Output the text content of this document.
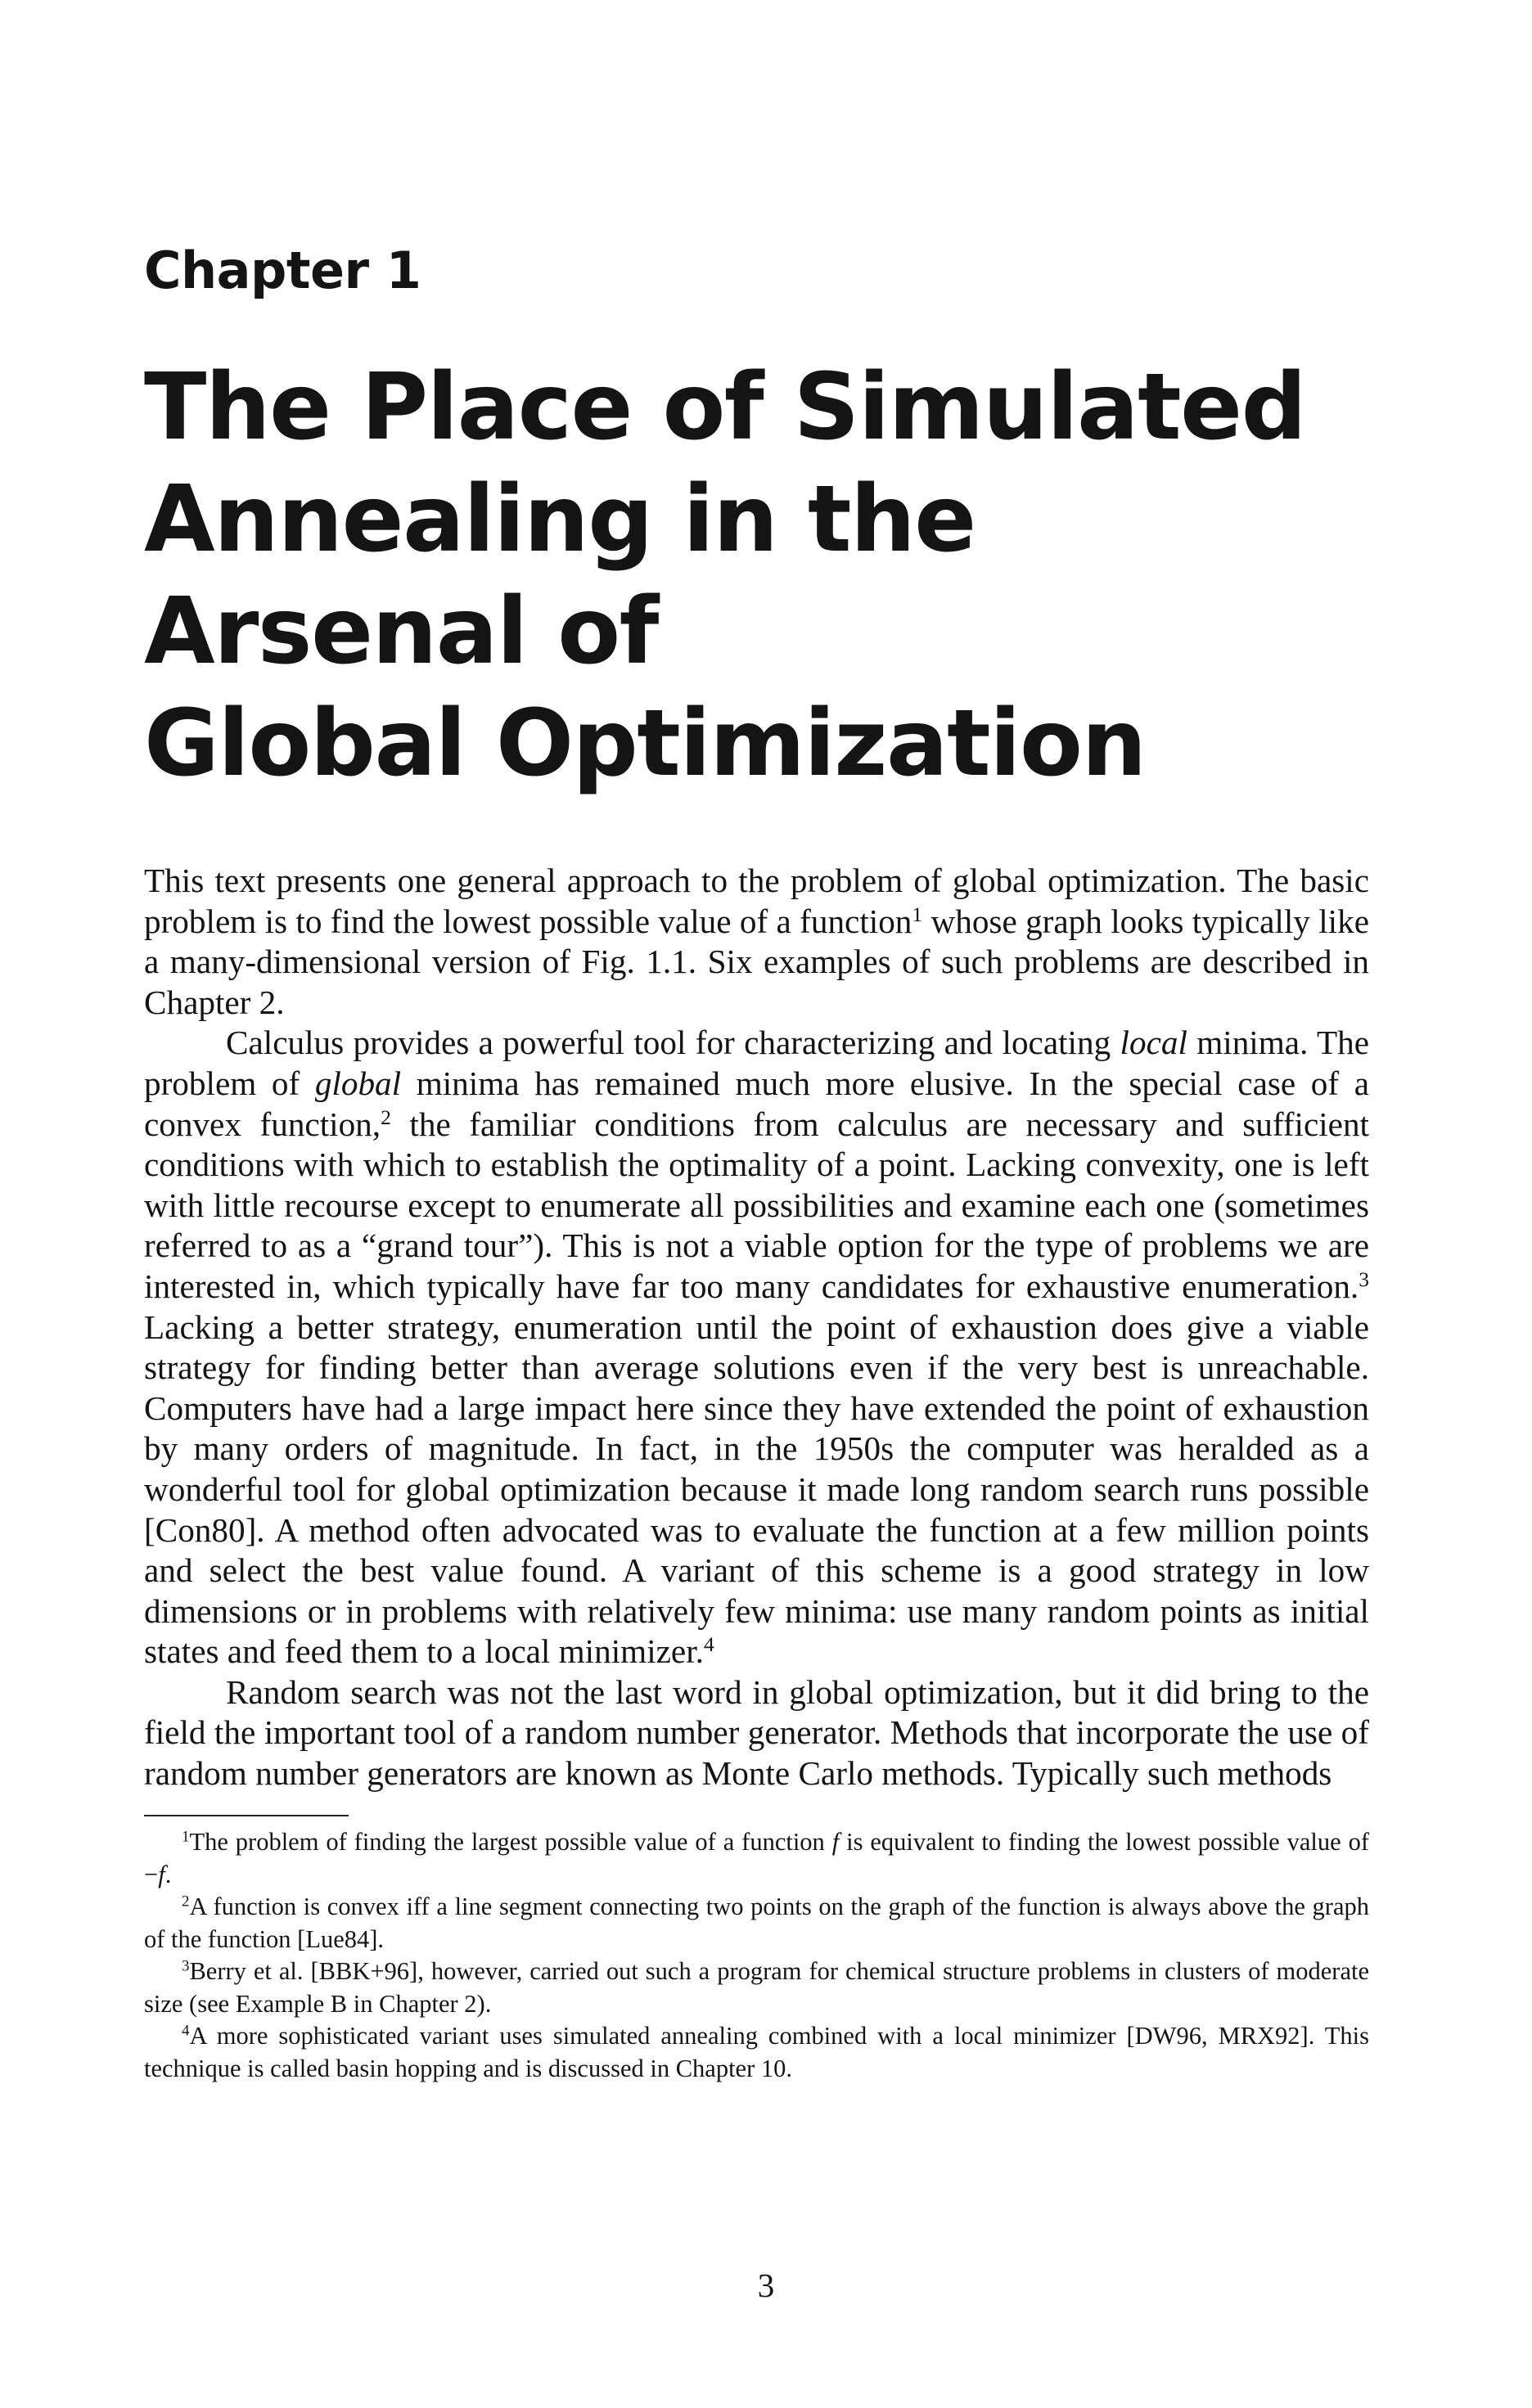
Chapter 1
The Place of Simulated
Annealing in the Arsenal of
Global Optimization

This text presents one general approach to the problem of global optimization. The basic problem is to find the lowest possible value of a function$^1$ whose graph looks typically like a many-dimensional version of Fig. 1.1. Six examples of such problems are described in Chapter 2.

Calculus provides a powerful tool for characterizing and locating local minima. The problem of global minima has remained much more elusive. In the special case of a convex function,$^2$ the familiar conditions from calculus are necessary and sufficient conditions with which to establish the optimality of a point. Lacking convexity, one is left with little recourse except to enumerate all possibilities and examine each one (sometimes referred to as a “grand tour”). This is not a viable option for the type of problems we are interested in, which typically have far too many candidates for exhaustive enumeration.$^3$ Lacking a better strategy, enumeration until the point of exhaustion does give a viable strategy for finding better than average solutions even if the very best is unreachable. Computers have had a large impact here since they have extended the point of exhaustion by many orders of magnitude. In fact, in the 1950s the computer was heralded as a wonderful tool for global optimization because it made long random search runs possible [Con80]. A method often advocated was to evaluate the function at a few million points and select the best value found. A variant of this scheme is a good strategy in low dimensions or in problems with relatively few minima: use many random points as initial states and feed them to a local minimizer.$^4$

Random search was not the last word in global optimization, but it did bring to the field the important tool of a random number generator. Methods that incorporate the use of random number generators are known as Monte Carlo methods. Typically such methods

$^1$The problem of finding the largest possible value of a function f is equivalent to finding the lowest possible value of −f.

$^2$A function is convex iff a line segment connecting two points on the graph of the function is always above the graph of the function [Lue84].

$^3$Berry et al. [BBK+96], however, carried out such a program for chemical structure problems in clusters of moderate size (see Example B in Chapter 2).

$^4$A more sophisticated variant uses simulated annealing combined with a local minimizer [DW96, MRX92]. This technique is called basin hopping and is discussed in Chapter 10.

3
